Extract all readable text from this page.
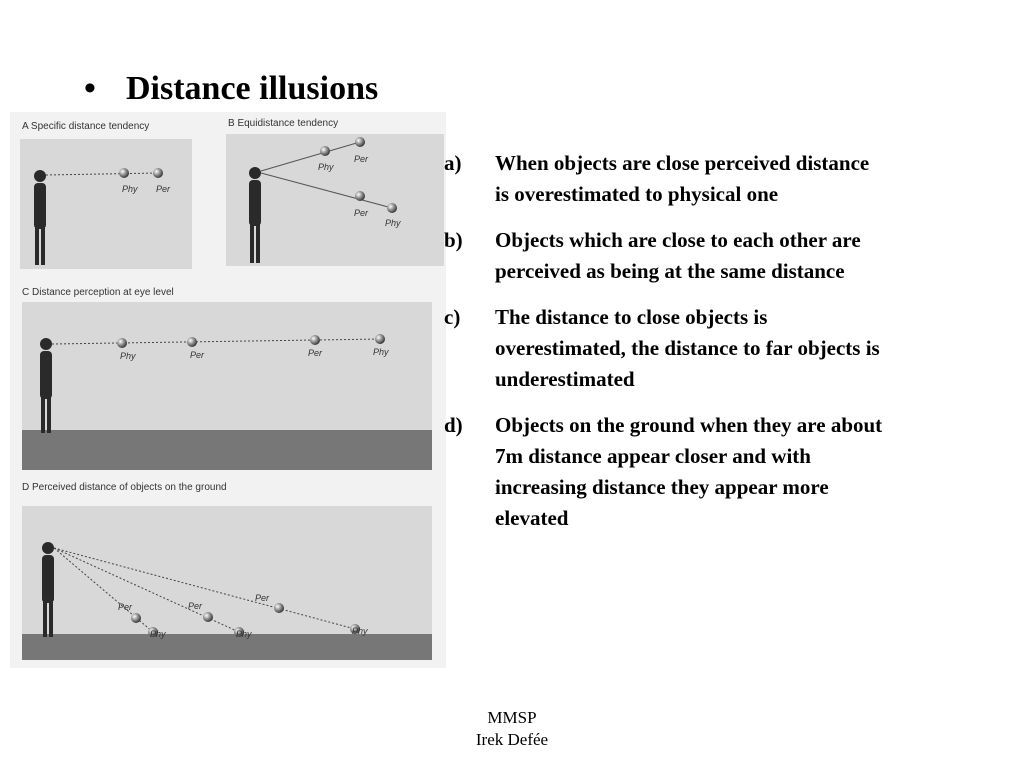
• Distance illusions
A Specific distance tendency
Phy Per
B Equidistance tendency
Phy
Per
Per
Phy
C Distance perception at eye level
Phy	Per	Per	Phy
D Perceived distance of objects on the ground
Per
Phy
Per
Phy
Per
Phy
a)	When objects are close perceived distance is overestimated to physical one
b)	Objects which are close to each other are perceived as being at the same distance
c)	The distance to close objects is overestimated, the distance to far objects is underestimated
d)	Objects on the ground when they are about 7m distance appear closer and with increasing distance they appear more elevated
MMSP
Irek Defée
